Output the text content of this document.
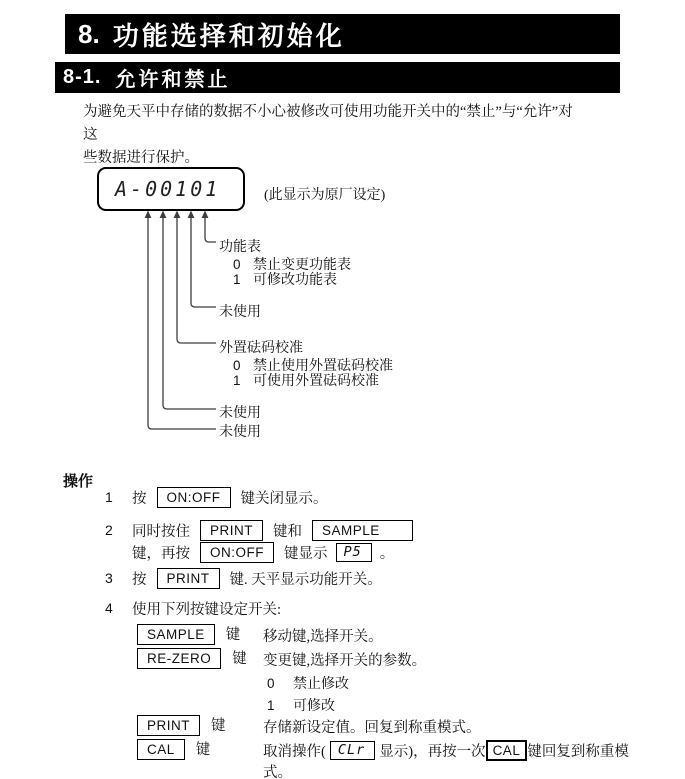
8. 功能选择和初始化
8-1. 允许和禁止
为避免天平中存储的数据不小心被修改可使用功能开关中的“禁止”与“允许”对这
些数据进行保护。
A-00101	(此显示为原厂设定)
功能表
0 禁止变更功能表
1 可修改功能表
未使用
外置砝码校准
0 禁止使用外置砝码校准
1 可使用外置砝码校准
未使用
未使用
操作
1	按	ON:OFF	键关闭显示。
2	同时按住	PRINT	键和	SAMPLE
键，再按	ON:OFF	键显示	P5	。
3	按	PRINT	键. 天平显示功能开关。
4	使用下列按键设定开关:
SAMPLE 键 移动键,选择开关。
RE-ZERO 键 变更键,选择开关的参数。
0	禁止修改
1	可修改
PRINT 键	存储新设定值。回复到称重模式。
CAL 键	取消操作( CLr 显示)，再按一次 CAL 键回复到称重模
式。
